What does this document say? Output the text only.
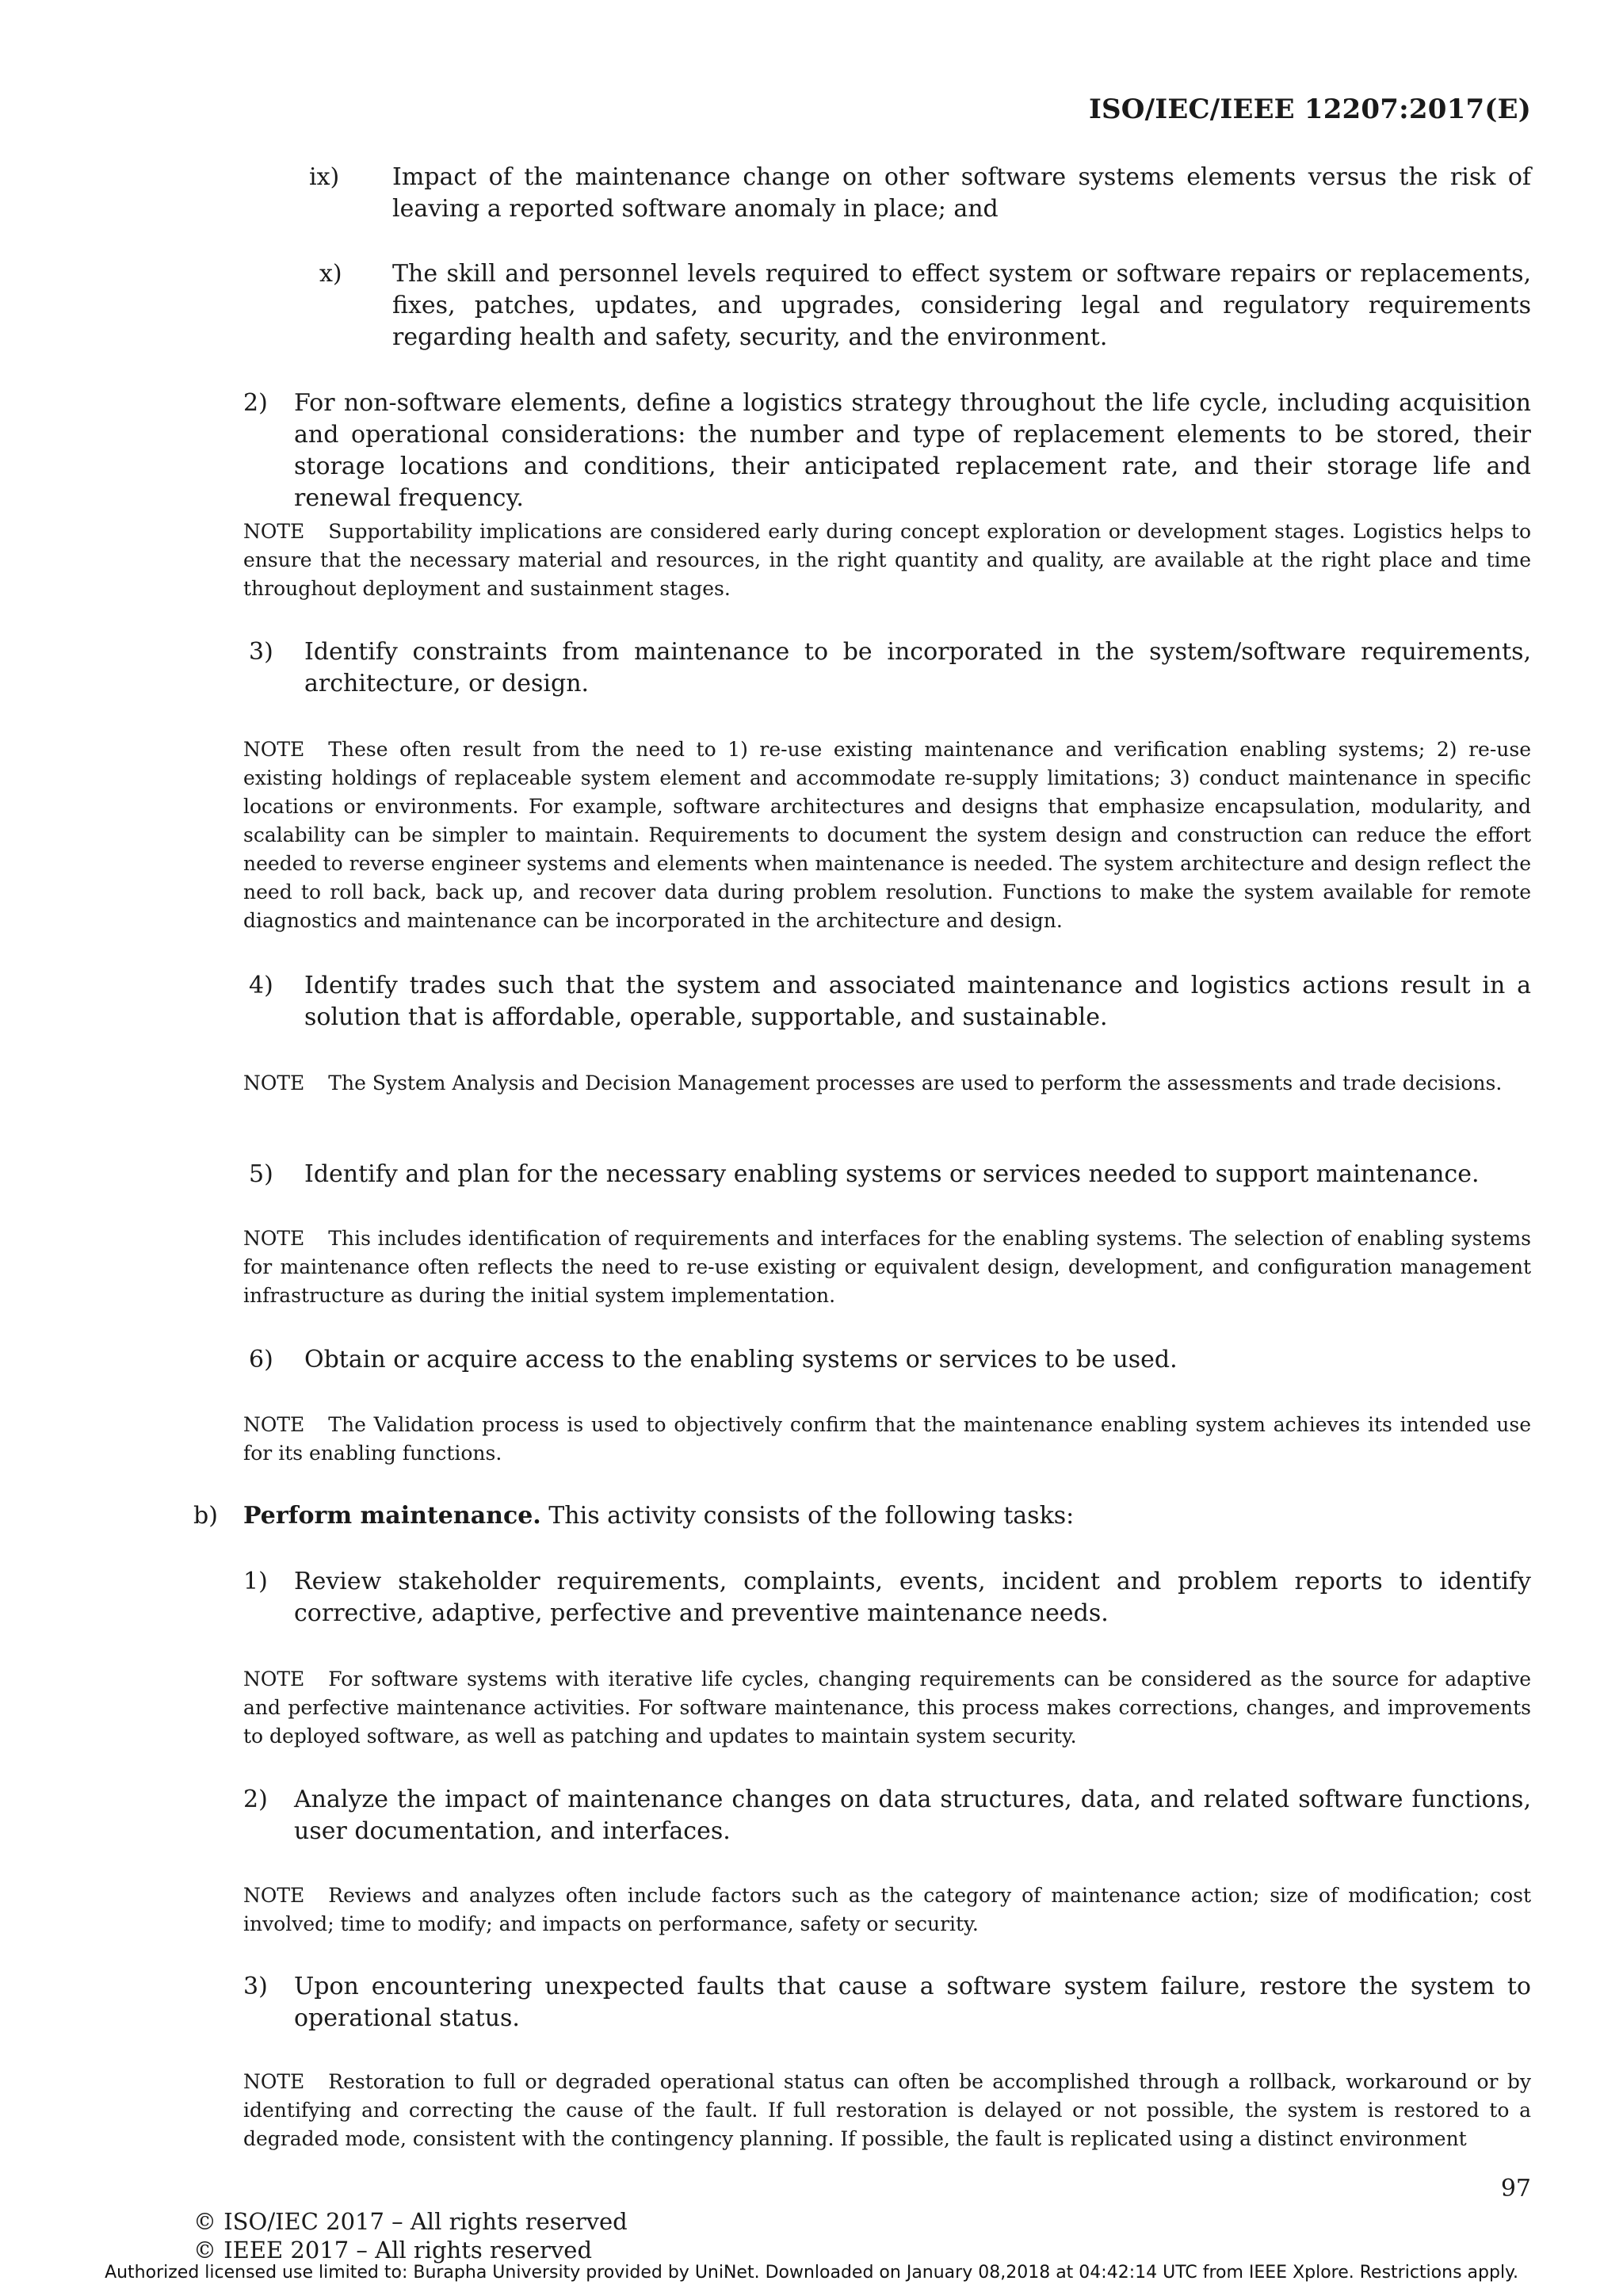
ISO/IEC/IEEE 12207:2017(E)
ix) Impact of the maintenance change on other software systems elements versus the risk of leaving a reported software anomaly in place; and
x) The skill and personnel levels required to effect system or software repairs or replacements, fixes, patches, updates, and upgrades, considering legal and regulatory requirements regarding health and safety, security, and the environment.
2) For non-software elements, define a logistics strategy throughout the life cycle, including acquisition and operational considerations: the number and type of replacement elements to be stored, their storage locations and conditions, their anticipated replacement rate, and their storage life and renewal frequency.
NOTE Supportability implications are considered early during concept exploration or development stages. Logistics helps to ensure that the necessary material and resources, in the right quantity and quality, are available at the right place and time throughout deployment and sustainment stages.
3) Identify constraints from maintenance to be incorporated in the system/software requirements, architecture, or design.
NOTE These often result from the need to 1) re-use existing maintenance and verification enabling systems; 2) re-use existing holdings of replaceable system element and accommodate re-supply limitations; 3) conduct maintenance in specific locations or environments. For example, software architectures and designs that emphasize encapsulation, modularity, and scalability can be simpler to maintain. Requirements to document the system design and construction can reduce the effort needed to reverse engineer systems and elements when maintenance is needed. The system architecture and design reflect the need to roll back, back up, and recover data during problem resolution. Functions to make the system available for remote diagnostics and maintenance can be incorporated in the architecture and design.
4) Identify trades such that the system and associated maintenance and logistics actions result in a solution that is affordable, operable, supportable, and sustainable.
NOTE The System Analysis and Decision Management processes are used to perform the assessments and trade decisions.
5) Identify and plan for the necessary enabling systems or services needed to support maintenance.
NOTE This includes identification of requirements and interfaces for the enabling systems. The selection of enabling systems for maintenance often reflects the need to re-use existing or equivalent design, development, and configuration management infrastructure as during the initial system implementation.
6) Obtain or acquire access to the enabling systems or services to be used.
NOTE The Validation process is used to objectively confirm that the maintenance enabling system achieves its intended use for its enabling functions.
b) Perform maintenance. This activity consists of the following tasks:
1) Review stakeholder requirements, complaints, events, incident and problem reports to identify corrective, adaptive, perfective and preventive maintenance needs.
NOTE For software systems with iterative life cycles, changing requirements can be considered as the source for adaptive and perfective maintenance activities. For software maintenance, this process makes corrections, changes, and improvements to deployed software, as well as patching and updates to maintain system security.
2) Analyze the impact of maintenance changes on data structures, data, and related software functions, user documentation, and interfaces.
NOTE Reviews and analyzes often include factors such as the category of maintenance action; size of modification; cost involved; time to modify; and impacts on performance, safety or security.
3) Upon encountering unexpected faults that cause a software system failure, restore the system to operational status.
NOTE Restoration to full or degraded operational status can often be accomplished through a rollback, workaround or by identifying and correcting the cause of the fault. If full restoration is delayed or not possible, the system is restored to a degraded mode, consistent with the contingency planning. If possible, the fault is replicated using a distinct environment
97
© ISO/IEC 2017 – All rights reserved
© IEEE 2017 – All rights reserved
Authorized licensed use limited to: Burapha University provided by UniNet. Downloaded on January 08,2018 at 04:42:14 UTC from IEEE Xplore. Restrictions apply.
